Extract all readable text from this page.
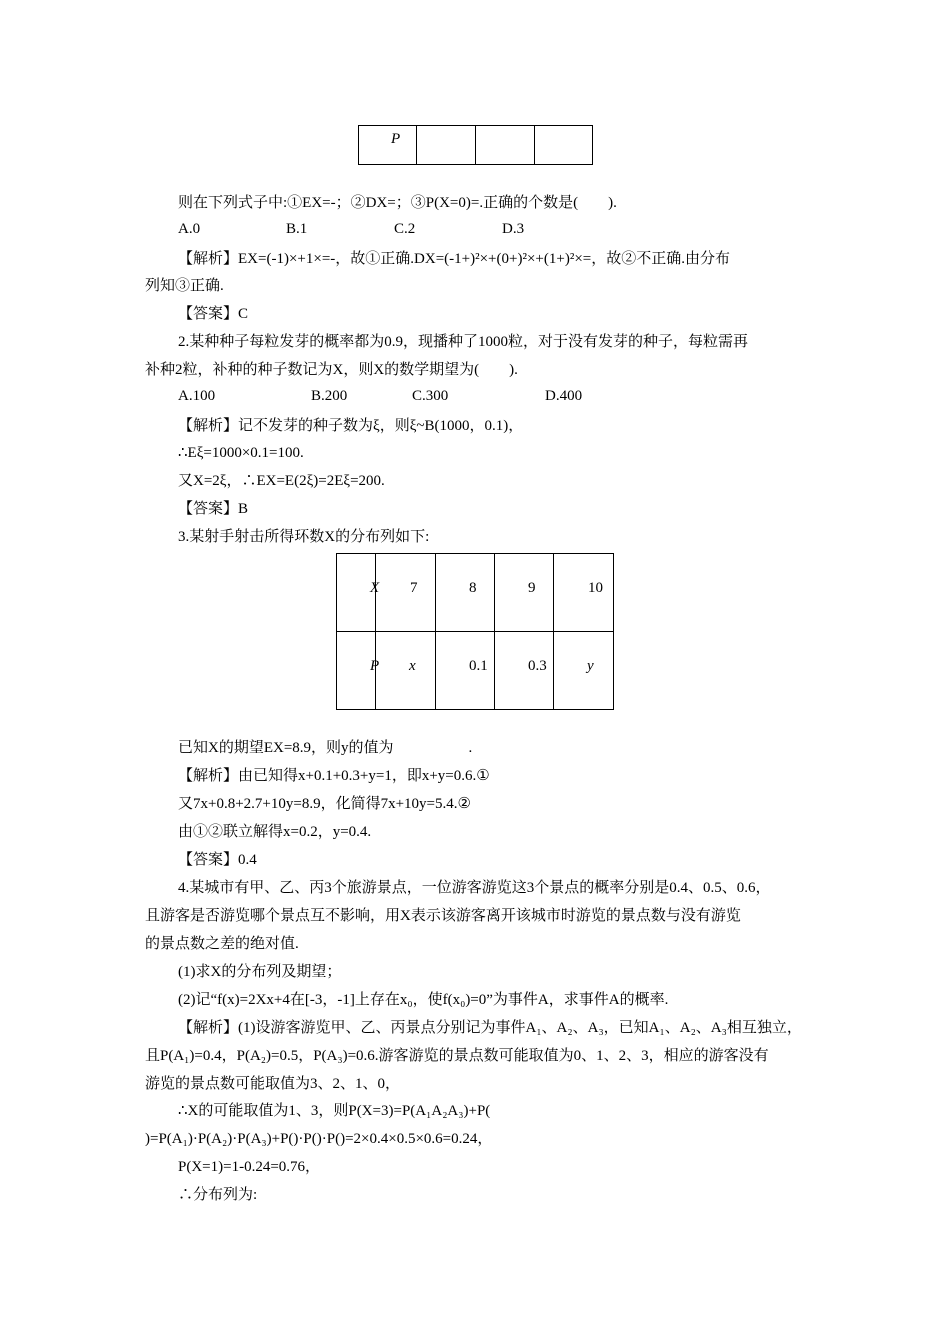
P
则在下列式子中:①EX=-；②DX=；③P(X=0)=.正确的个数是(　　).
A.0	B.1	C.2	D.3
【解析】EX=(-1)×+1×=-，故①正确.DX=(-1+)²×+(0+)²×+(1+)²×=，故②不正确.由分布
列知③正确.
【答案】C
2.某种种子每粒发芽的概率都为0.9，现播种了1000粒，对于没有发芽的种子，每粒需再
补种2粒，补种的种子数记为X，则X的数学期望为(　　).
A.100	B.200	C.300	D.400
【解析】记不发芽的种子数为ξ，则ξ~B(1000，0.1)，
∴Eξ=1000×0.1=100.
又X=2ξ，∴EX=E(2ξ)=2Eξ=200.
【答案】B
3.某射手射击所得环数X的分布列如下:
X 7	8	9	10
P x	0.1	0.3	y
已知X的期望EX=8.9，则y的值为　　　　　.
【解析】由已知得x+0.1+0.3+y=1，即x+y=0.6.①
又7x+0.8+2.7+10y=8.9，化简得7x+10y=5.4.②
由①②联立解得x=0.2，y=0.4.
【答案】0.4
4.某城市有甲、乙、丙3个旅游景点，一位游客游览这3个景点的概率分别是0.4、0.5、0.6，
且游客是否游览哪个景点互不影响，用X表示该游客离开该城市时游览的景点数与没有游览
的景点数之差的绝对值.
(1)求X的分布列及期望；
(2)记“f(x)=2Xx+4在[-3，-1]上存在x₀，使f(x₀)=0”为事件A，求事件A的概率.
【解析】(1)设游客游览甲、乙、丙景点分别记为事件A₁、A₂、A₃，已知A₁、A₂、A₃相互独立，
且P(A₁)=0.4，P(A₂)=0.5，P(A₃)=0.6.游客游览的景点数可能取值为0、1、2、3，相应的游客没有
游览的景点数可能取值为3、2、1、0，
∴X的可能取值为1、3，则P(X=3)=P(A₁A₂A₃)+P(
)=P(A₁)·P(A₂)·P(A₃)+P()·P()·P()=2×0.4×0.5×0.6=0.24，
P(X=1)=1-0.24=0.76，
∴分布列为:
